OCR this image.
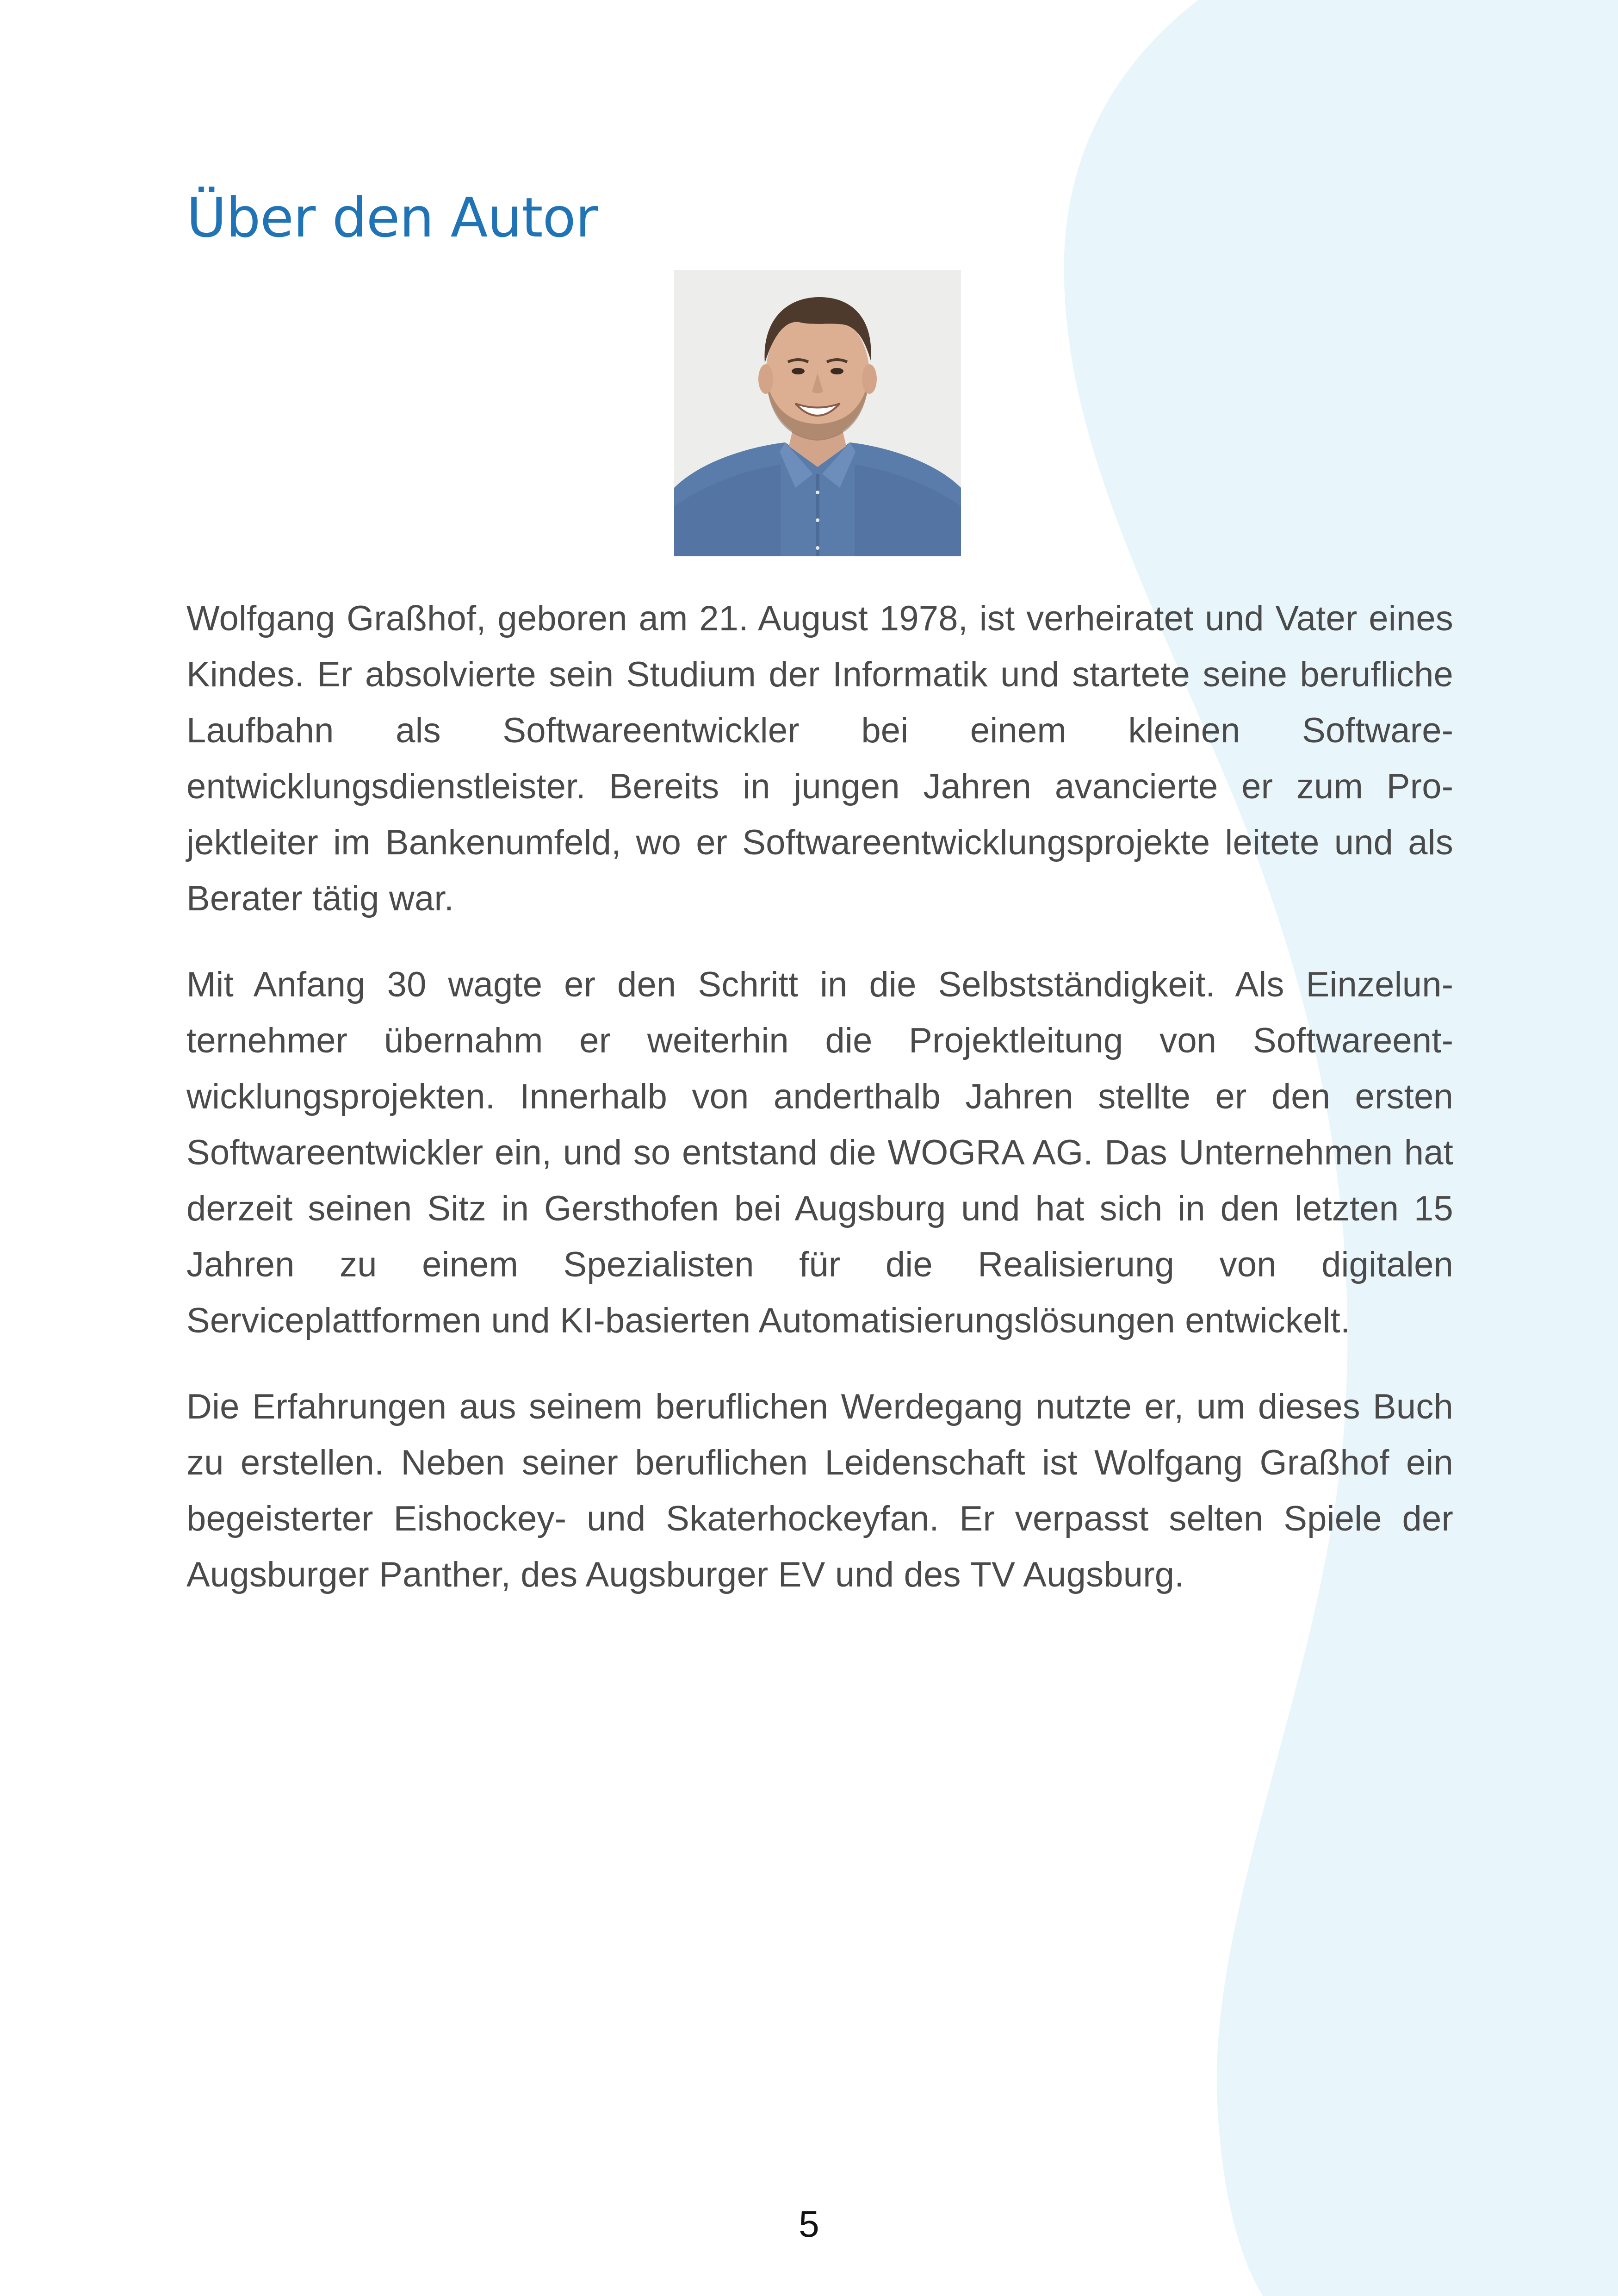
Über den Autor

Wolfgang Graßhof, geboren am 21. August 1978, ist verheiratet und Vater eines Kindes. Er absolvierte sein Studium der Informatik und startete seine berufliche Laufbahn als Softwareentwickler bei einem kleinen Softwareentwicklungsdienstleister. Bereits in jungen Jahren avancierte er zum Projektleiter im Bankenumfeld, wo er Softwareentwicklungsprojekte leitete und als Berater tätig war.

Mit Anfang 30 wagte er den Schritt in die Selbstständigkeit. Als Einzelunternehmer übernahm er weiterhin die Projektleitung von Softwareentwicklungsprojekten. Innerhalb von anderthalb Jahren stellte er den ersten Softwareentwickler ein, und so entstand die WOGRA AG. Das Unternehmen hat derzeit seinen Sitz in Gersthofen bei Augsburg und hat sich in den letzten 15 Jahren zu einem Spezialisten für die Realisierung von digitalen Serviceplattformen und KI-basierten Automatisierungslösungen entwickelt.

Die Erfahrungen aus seinem beruflichen Werdegang nutzte er, um dieses Buch zu erstellen. Neben seiner beruflichen Leidenschaft ist Wolfgang Graßhof ein begeisterter Eishockey- und Skaterhockeyfan. Er verpasst selten Spiele der Augsburger Panther, des Augsburger EV und des TV Augsburg.

5
